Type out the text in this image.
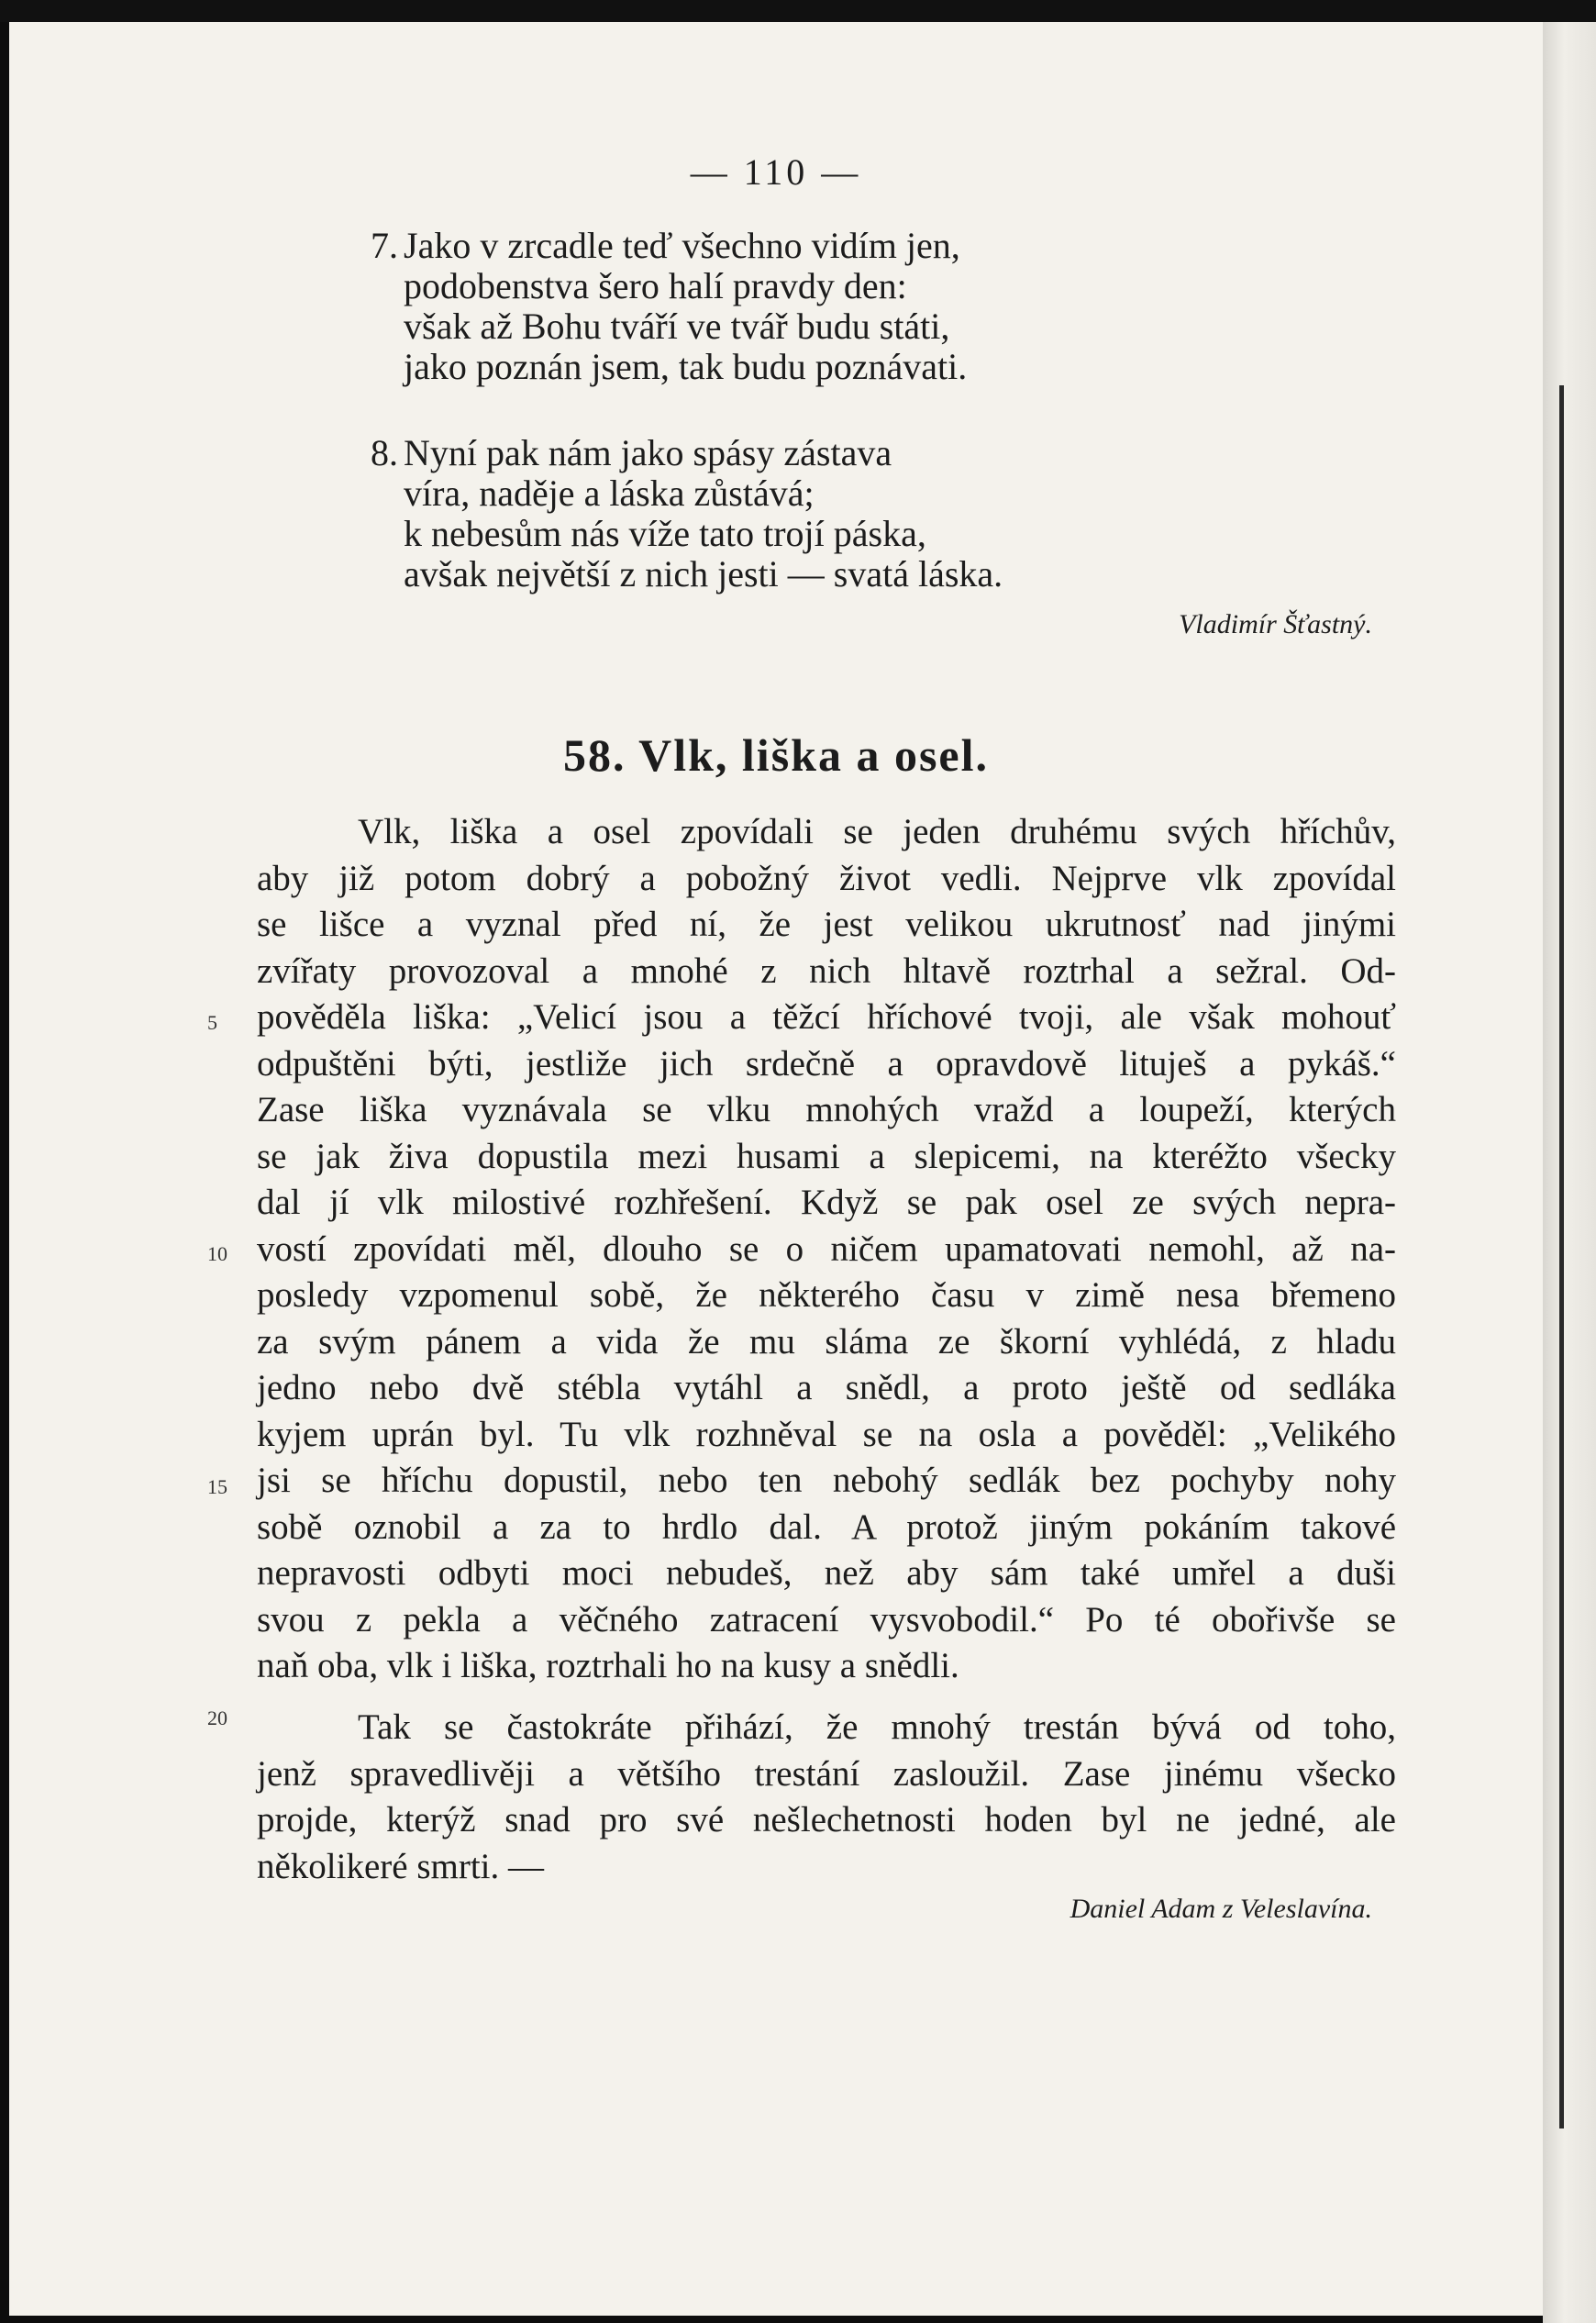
— 110 —
7. Jako v zrcadle teď všechno vidím jen,
podobenstva šero halí pravdy den:
však až Bohu tváří ve tvář budu státi,
jako poznán jsem, tak budu poznávati.
8. Nyní pak nám jako spásy zástava
víra, naděje a láska zůstává;
k nebesům nás víže tato trojí páska,
avšak největší z nich jesti — svatá láska.
Vladimír Šťastný.
58. Vlk, liška a osel.
Vlk, liška a osel zpovídali se jeden druhému svých hříchův,
aby již potom dobrý a pobožný život vedli. Nejprve vlk zpovídal
se lišce a vyznal před ní, že jest velikou ukrutnosť nad jinými
zvířaty provozoval a mnohé z nich hltavě roztrhal a sežral. Od-
pověděla liška: „Velicí jsou a těžcí hříchové tvoji, ale však mohouť
odpuštěni býti, jestliže jich srdečně a opravdově lituješ a pykáš.“
Zase liška vyznávala se vlku mnohých vražd a loupeží, kterých
se jak živa dopustila mezi husami a slepicemi, na kteréžto všecky
dal jí vlk milostivé rozhřešení. Když se pak osel ze svých nepra-
vostí zpovídati měl, dlouho se o ničem upamatovati nemohl, až na-
posledy vzpomenul sobě, že některého času v zimě nesa břemeno
za svým pánem a vida že mu sláma ze škorní vyhlédá, z hladu
jedno nebo dvě stébla vytáhl a snědl, a proto ještě od sedláka
kyjem uprán byl. Tu vlk rozhněval se na osla a pověděl: „Velikého
jsi se hříchu dopustil, nebo ten nebohý sedlák bez pochyby nohy
sobě oznobil a za to hrdlo dal. A protož jiným pokáním takové
nepravosti odbyti moci nebudeš, než aby sám také umřel a duši
svou z pekla a věčného zatracení vysvobodil.“ Po té obořivše se
naň oba, vlk i liška, roztrhali ho na kusy a snědli.
Tak se častokráte přihází, že mnohý trestán bývá od toho,
jenž spravedlivěji a většího trestání zasloužil. Zase jinému všecko
projde, kterýž snad pro své nešlechetnosti hoden byl ne jedné, ale
několikeré smrti. —
Daniel Adam z Veleslavína.
5
10
15
20
